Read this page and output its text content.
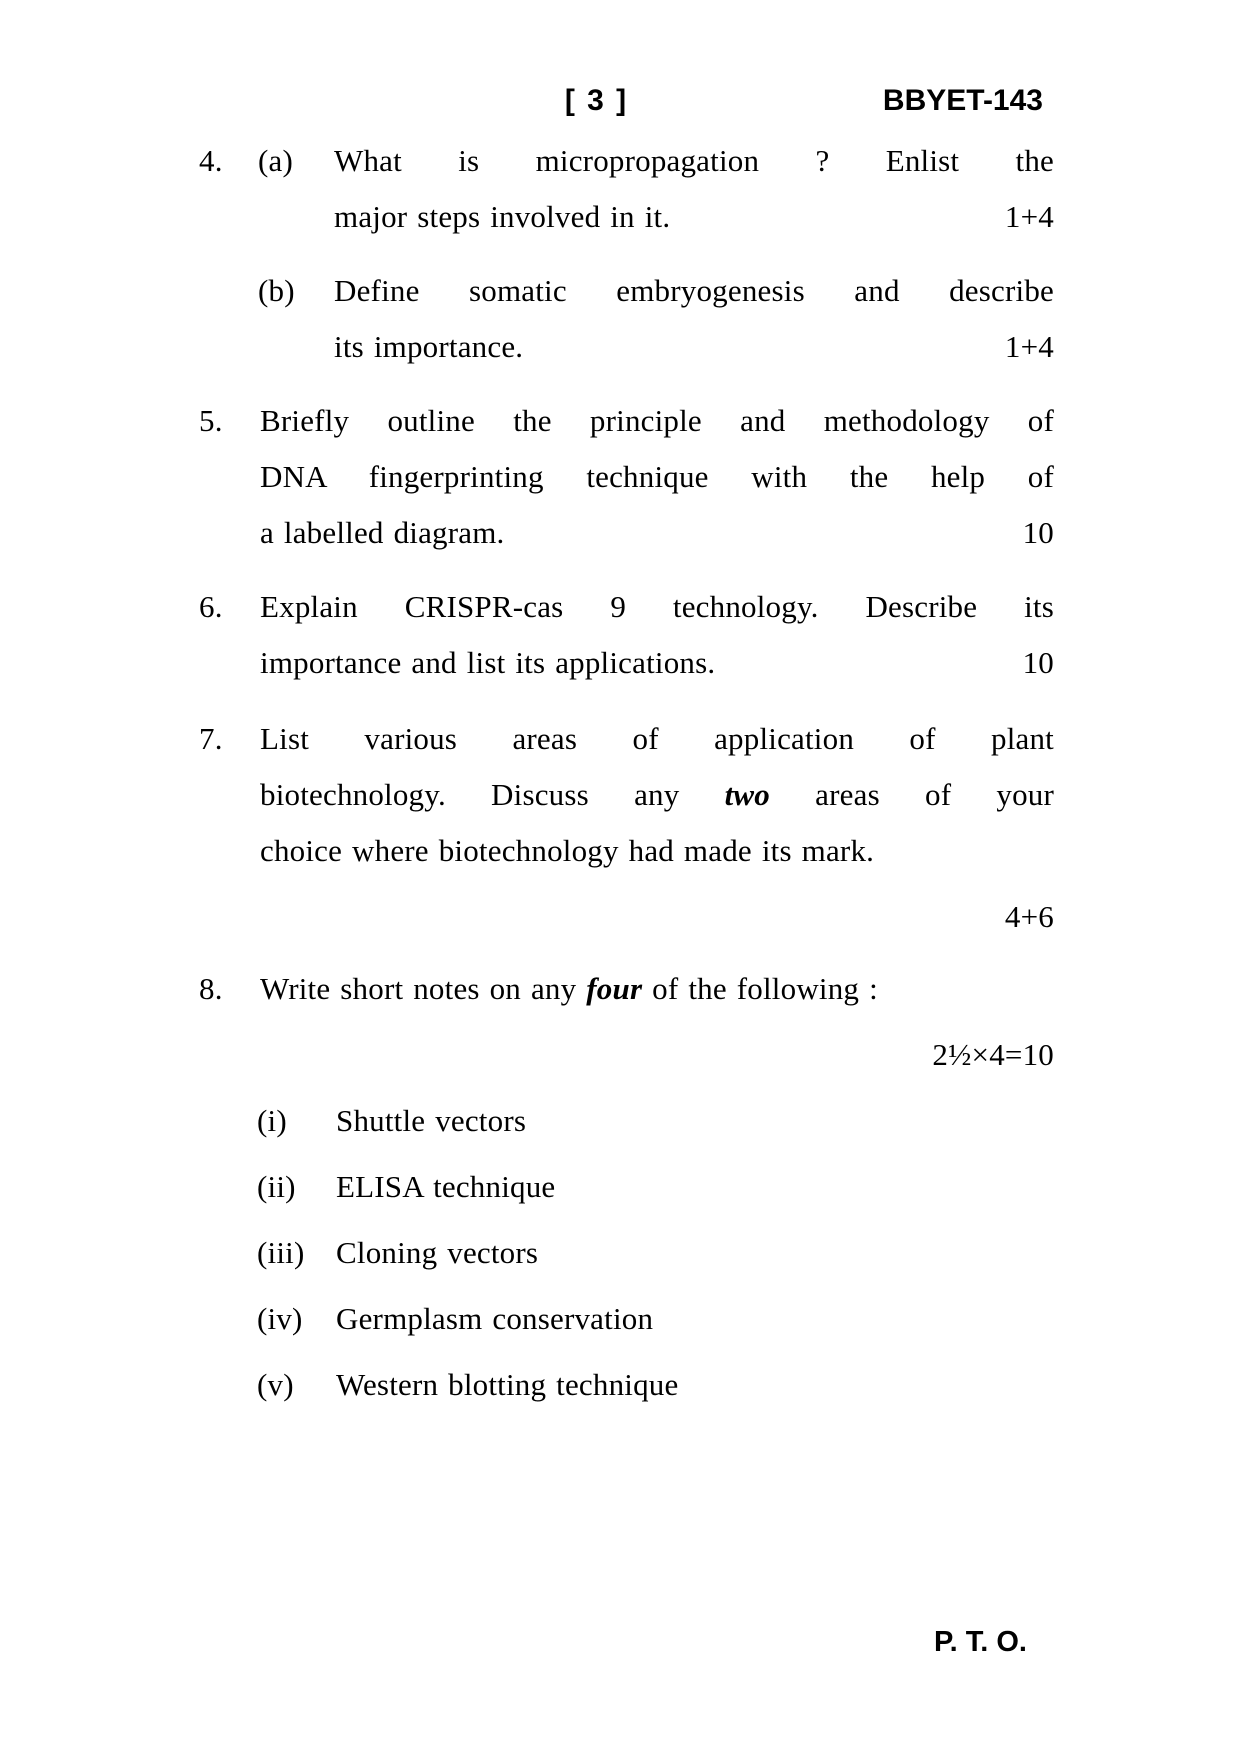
[ 3 ]	BBYET-143
4. (a) What is micropropagation ? Enlist the
major steps involved in it.	1+4
(b) Define somatic embryogenesis and describe
its importance.	1+4
5. Briefly outline the principle and methodology of
DNA fingerprinting technique with the help of
a labelled diagram.	10
6. Explain CRISPR-cas 9 technology. Describe its
importance and list its applications.	10
7. List various areas of application of plant
biotechnology. Discuss any two areas of your
choice where biotechnology had made its mark.
4+6
8. Write short notes on any four of the following :
2½×4=10
(i) Shuttle vectors
(ii) ELISA technique
(iii) Cloning vectors
(iv) Germplasm conservation
(v) Western blotting technique
P. T. O.
